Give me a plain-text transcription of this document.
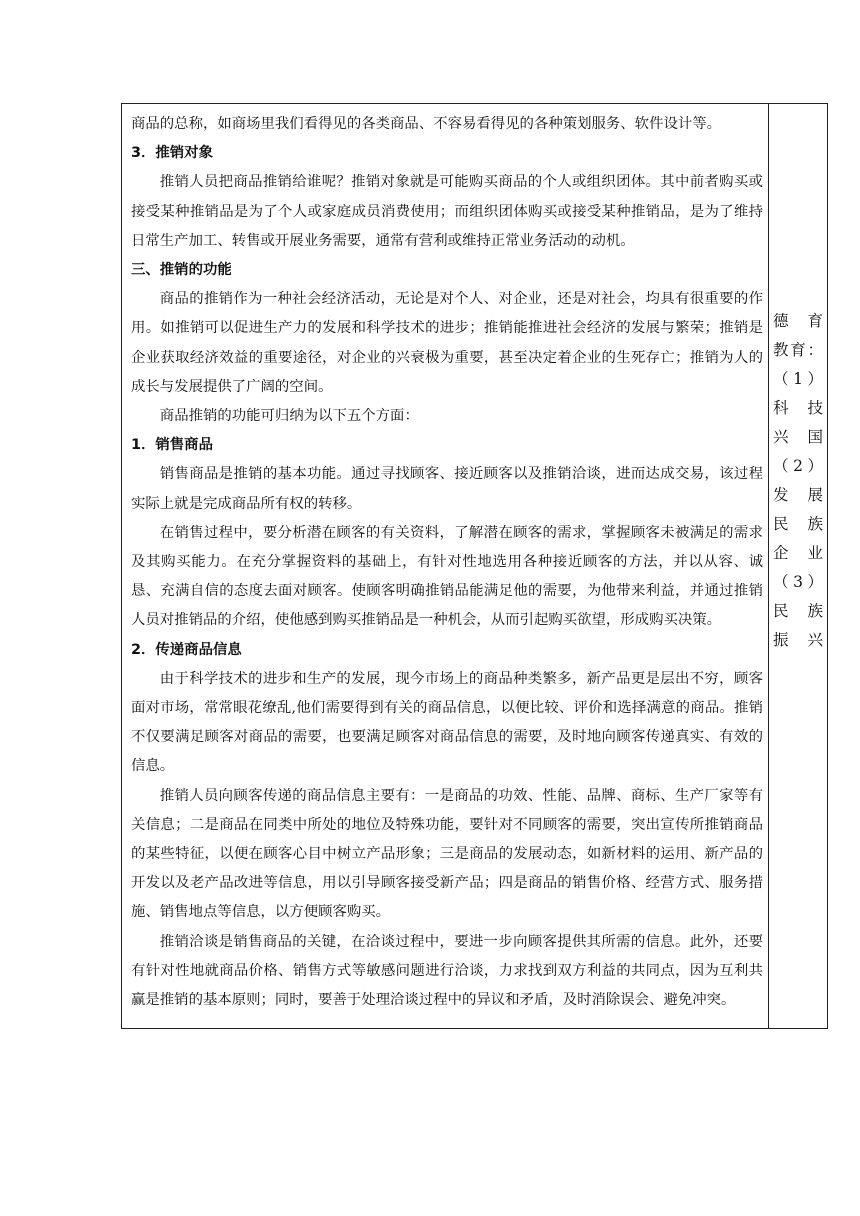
商品的总称，如商场里我们看得见的各类商品、不容易看得见的各种策划服务、软件设计等。

3．推销对象

推销人员把商品推销给谁呢？推销对象就是可能购买商品的个人或组织团体。其中前者购买或接受某种推销品是为了个人或家庭成员消费使用；而组织团体购买或接受某种推销品，是为了维持日常生产加工、转售或开展业务需要，通常有营利或维持正常业务活动的动机。

三、推销的功能

商品的推销作为一种社会经济活动，无论是对个人、对企业，还是对社会，均具有很重要的作用。如推销可以促进生产力的发展和科学技术的进步；推销能推进社会经济的发展与繁荣；推销是企业获取经济效益的重要途径，对企业的兴衰极为重要，甚至决定着企业的生死存亡；推销为人的成长与发展提供了广阔的空间。

商品推销的功能可归纳为以下五个方面：

1．销售商品

销售商品是推销的基本功能。通过寻找顾客、接近顾客以及推销洽谈，进而达成交易，该过程实际上就是完成商品所有权的转移。

在销售过程中，要分析潜在顾客的有关资料，了解潜在顾客的需求，掌握顾客未被满足的需求及其购买能力。在充分掌握资料的基础上，有针对性地选用各种接近顾客的方法，并以从容、诚恳、充满自信的态度去面对顾客。使顾客明确推销品能满足他的需要，为他带来利益，并通过推销人员对推销品的介绍，使他感到购买推销品是一种机会，从而引起购买欲望，形成购买决策。

2．传递商品信息

由于科学技术的进步和生产的发展，现今市场上的商品种类繁多，新产品更是层出不穷，顾客面对市场，常常眼花缭乱,他们需要得到有关的商品信息，以便比较、评价和选择满意的商品。推销不仅要满足顾客对商品的需要，也要满足顾客对商品信息的需要，及时地向顾客传递真实、有效的信息。

推销人员向顾客传递的商品信息主要有：一是商品的功效、性能、品牌、商标、生产厂家等有关信息；二是商品在同类中所处的地位及特殊功能，要针对不同顾客的需要，突出宣传所推销商品的某些特征，以便在顾客心目中树立产品形象；三是商品的发展动态，如新材料的运用、新产品的开发以及老产品改进等信息，用以引导顾客接受新产品；四是商品的销售价格、经营方式、服务措施、销售地点等信息，以方便顾客购买。

推销洽谈是销售商品的关键，在洽谈过程中，要进一步向顾客提供其所需的信息。此外，还要有针对性地就商品价格、销售方式等敏感问题进行洽谈，力求找到双方利益的共同点，因为互利共赢是推销的基本原则；同时，要善于处理洽谈过程中的异议和矛盾，及时消除误会、避免冲突。

德 育
教育：
（1）
科 技
兴国
（2）
发 展
民 族
企业
（3）
民 族
振兴
